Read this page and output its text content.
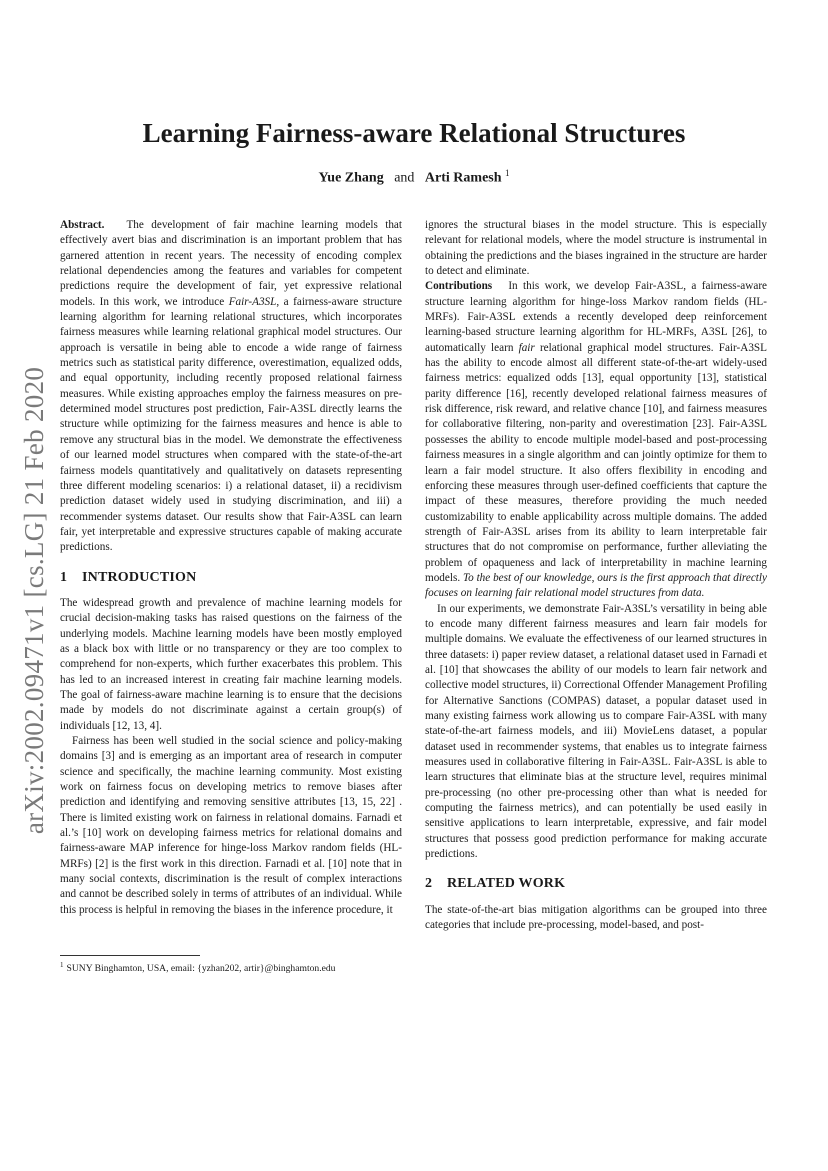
arXiv:2002.09471v1 [cs.LG] 21 Feb 2020
Learning Fairness-aware Relational Structures
Yue Zhang and Arti Ramesh $^1$

Abstract. The development of fair machine learning models that effectively avert bias and discrimination is an important problem that has garnered attention in recent years. The necessity of encoding complex relational dependencies among the features and variables for competent predictions require the development of fair, yet expressive relational models. In this work, we introduce Fair-A3SL, a fairness-aware structure learning algorithm for learning relational structures, which incorporates fairness measures while learning relational graphical model structures. Our approach is versatile in being able to encode a wide range of fairness metrics such as statistical parity difference, overestimation, equalized odds, and equal opportunity, including recently proposed relational fairness measures. While existing approaches employ the fairness measures on pre-determined model structures post prediction, Fair-A3SL directly learns the structure while optimizing for the fairness measures and hence is able to remove any structural bias in the model. We demonstrate the effectiveness of our learned model structures when compared with the state-of-the-art fairness models quantitatively and qualitatively on datasets representing three different modeling scenarios: i) a relational dataset, ii) a recidivism prediction dataset widely used in studying discrimination, and iii) a recommender systems dataset. Our results show that Fair-A3SL can learn fair, yet interpretable and expressive structures capable of making accurate predictions.

1 INTRODUCTION

The widespread growth and prevalence of machine learning models for crucial decision-making tasks has raised questions on the fairness of the underlying models. Machine learning models have been mostly employed as a black box with little or no transparency or they are too complex to comprehend for non-experts, which further exacerbates this problem. This has led to an increased interest in creating fair machine learning models. The goal of fairness-aware machine learning is to ensure that the decisions made by models do not discriminate against a certain group(s) of individuals [12, 13, 4].

Fairness has been well studied in the social science and policy-making domains [3] and is emerging as an important area of research in computer science and specifically, the machine learning community. Most existing work on fairness focus on developing metrics to remove biases after prediction and identifying and removing sensitive attributes [13, 15, 22] . There is limited existing work on fairness in relational domains. Farnadi et al.’s [10] work on developing fairness metrics for relational domains and fairness-aware MAP inference for hinge-loss Markov random fields (HL-MRFs) [2] is the first work in this direction. Farnadi et al. [10] note that in many social contexts, discrimination is the result of complex interactions and cannot be described solely in terms of attributes of an individual. While this process is helpful in removing the biases in the inference procedure, it

$^1$ SUNY Binghamton, USA, email: {yzhan202, artir}@binghamton.edu

ignores the structural biases in the model structure. This is especially relevant for relational models, where the model structure is instrumental in obtaining the predictions and the biases ingrained in the structure are harder to detect and eliminate.

Contributions In this work, we develop Fair-A3SL, a fairness-aware structure learning algorithm for hinge-loss Markov random fields (HL-MRFs). Fair-A3SL extends a recently developed deep reinforcement learning-based structure learning algorithm for HL-MRFs, A3SL [26], to automatically learn fair relational graphical model structures. Fair-A3SL has the ability to encode almost all different state-of-the-art widely-used fairness metrics: equalized odds [13], equal opportunity [13], statistical parity difference [16], recently developed relational fairness measures of risk difference, risk reward, and relative chance [10], and fairness measures for collaborative filtering, non-parity and overestimation [23]. Fair-A3SL possesses the ability to encode multiple model-based and post-processing fairness measures in a single algorithm and can jointly optimize for them to learn a fair model structure. It also offers flexibility in encoding and enforcing these measures through user-defined coefficients that capture the impact of these measures, therefore providing the much needed customizability to enable applicability across multiple domains. The added strength of Fair-A3SL arises from its ability to learn interpretable fair structures that do not compromise on performance, further alleviating the problem of opaqueness and lack of interpretability in machine learning models. To the best of our knowledge, ours is the first approach that directly focuses on learning fair relational model structures from data.

In our experiments, we demonstrate Fair-A3SL’s versatility in being able to encode many different fairness measures and learn fair models for multiple domains. We evaluate the effectiveness of our learned structures in three datasets: i) paper review dataset, a relational dataset used in Farnadi et al. [10] that showcases the ability of our models to learn fair network and collective model structures, ii) Correctional Offender Management Profiling for Alternative Sanctions (COMPAS) dataset, a popular dataset used in many existing fairness work allowing us to compare Fair-A3SL with many state-of-the-art fairness models, and iii) MovieLens dataset, a popular dataset used in recommender systems, that enables us to integrate fairness measures used in collaborative filtering in Fair-A3SL. Fair-A3SL is able to learn structures that eliminate bias at the structure level, requires minimal pre-processing (no other pre-processing other than what is needed for computing the fairness metrics), and can potentially be used easily in sensitive applications to learn interpretable, expressive, and fair model structures that possess good prediction performance for making accurate predictions.

2 RELATED WORK

The state-of-the-art bias mitigation algorithms can be grouped into three categories that include pre-processing, model-based, and post-
